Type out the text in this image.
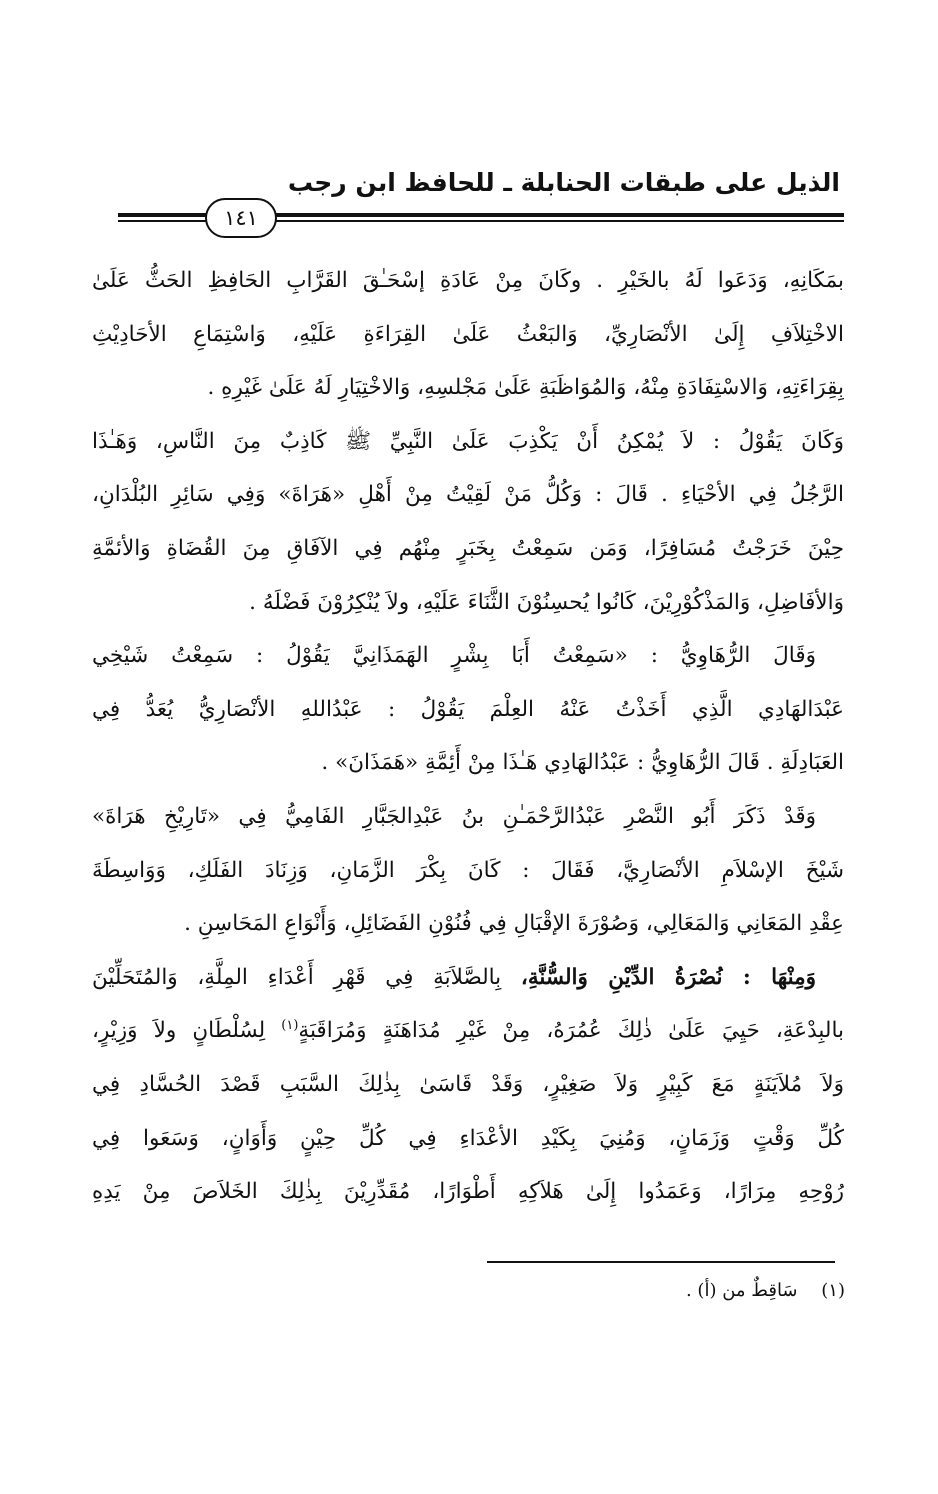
الذيل على طبقات الحنابلة ـ للحافظ ابن رجب
١٤١
بمَكَانِهِ، وَدَعَوا لَهُ بالخَيْرِ . وكَانَ مِنْ عَادَةِ إسْحَـٰقَ القَرَّابِ الحَافِظِ الحَثُّ عَلَىٰ
الاخْتِلاَفِ إِلَىٰ الأنْصَارِيِّ، وَالبَعْثُ عَلَىٰ القِرَاءَةِ عَلَيْهِ، وَاسْتِمَاعِ الأحَادِيْثِ
بِقِرَاءَتِهِ، وَالاسْتِفَادَةِ مِنْهُ، وَالمُوَاظَبَةِ عَلَىٰ مَجْلسِهِ، وَالاخْتِيَارِ لَهُ عَلَىٰ غَيْرِهِ .
وَكَانَ يَقُوْلُ : لاَ يُمْكِنُ أَنْ يَكْذِبَ عَلَىٰ النَّبِيِّ ﷺ كَاذِبٌ مِنَ النَّاسِ، وَهَـٰذَا
الرَّجُلُ فِي الأحْيَاءِ . قَالَ : وَكُلُّ مَنْ لَقِيْتُ مِنْ أَهْلِ «هَرَاةَ» وَفِي سَائِرِ البُلْدَانِ،
حِيْنَ خَرَجْتُ مُسَافِرًا، وَمَن سَمِعْتُ بِخَبَرٍ مِنْهُم فِي الآفَاقِ مِنَ القُضَاةِ وَالأئمَّةِ
وَالأفَاضِلِ، وَالمَذْكُوْرِيْنَ، كَانُوا يُحسِنُوْنَ الثَّنَاءَ عَلَيْهِ، ولاَ يُنْكِرُوْنَ فَضْلَهُ .
وَقَالَ الرُّهَاوِيُّ : «سَمِعْتُ أَبَا بِشْرٍ الهَمَذَانِيَّ يَقُوْلُ : سَمِعْتُ شَيْخِي
عَبْدَالهَادِي الَّذِي أَخَذْتُ عَنْهُ العِلْمَ يَقُوْلُ : عَبْدُاللهِ الأنْصَارِيُّ يُعَدُّ فِي
العَبَادِلَةِ . قَالَ الرُّهَاوِيُّ : عَبْدُالهَادِي هَـٰذَا مِنْ أَئِمَّةِ «هَمَذَانَ» .
وَقَدْ ذَكَرَ أَبُو النَّصْرِ عَبْدُالرَّحْمَـٰنِ بنُ عَبْدِالجَبَّارِ الفَامِيُّ فِي «تَارِيْخِ هَرَاةَ»
شَيْخَ الإسْلاَمِ الأنْصَارِيَّ، فَقَالَ : كَانَ بِكْرَ الزَّمَانِ، وَزِنَادَ الفَلَكِ، وَوَاسِطَةَ
عِقْدِ المَعَانِي وَالمَعَالِي، وَصُوْرَةَ الإقْبَالِ فِي فُنُوْنِ الفَضَائِلِ، وَأَنْوَاعِ المَحَاسِنِ .
وَمِنْهَا : نُصْرَةُ الدِّيْنِ وَالسُّنَّةِ، بِالصَّلاَبَةِ فِي قَهْرِ أَعْدَاءِ المِلَّةِ، وَالمُتَحَلِّيْنَ
بالبِدْعَةِ، حَيِيَ عَلَىٰ ذٰلِكَ عُمُرَهُ، مِنْ غَيْرِ مُدَاهَنَةٍ وَمُرَاقَبَةٍ$^{(١)}$ لِسُلْطَانٍ ولاَ وَزِيْرٍ،
وَلاَ مُلاَيَنَةٍ مَعَ كَبِيْرٍ وَلاَ صَغِيْرٍ، وَقَدْ قَاسَىٰ بِذٰلِكَ السَّبَبِ قَصْدَ الحُسَّادِ فِي
كُلِّ وَقْتٍ وَزَمَانٍ، وَمُنِيَ بِكَيْدِ الأعْدَاءِ فِي كُلِّ حِيْنٍ وَأَوَانٍ، وَسَعَوا فِي
رُوْحِهِ مِرَارًا، وَعَمَدُوا إِلَىٰ هَلاَكِهِ أَطْوَارًا، مُقَدِّرِيْنَ بِذٰلِكَ الخَلاَصَ مِنْ يَدِهِ
(١) سَاقِطٌ من (أ) .
